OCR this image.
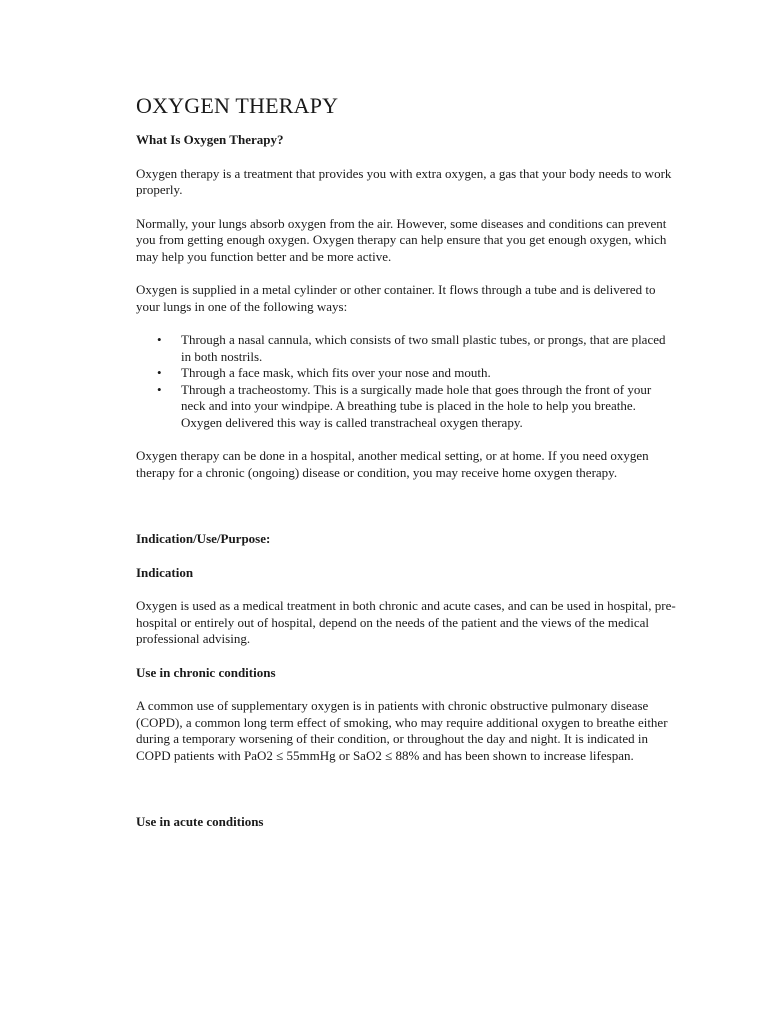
OXYGEN THERAPY

What Is Oxygen Therapy?

Oxygen therapy is a treatment that provides you with extra oxygen, a gas that your body needs to work properly.

Normally, your lungs absorb oxygen from the air. However, some diseases and conditions can prevent you from getting enough oxygen. Oxygen therapy can help ensure that you get enough oxygen, which may help you function better and be more active.

Oxygen is supplied in a metal cylinder or other container. It flows through a tube and is delivered to your lungs in one of the following ways:

• Through a nasal cannula, which consists of two small plastic tubes, or prongs, that are placed in both nostrils.
• Through a face mask, which fits over your nose and mouth.
• Through a tracheostomy. This is a surgically made hole that goes through the front of your neck and into your windpipe. A breathing tube is placed in the hole to help you breathe. Oxygen delivered this way is called transtracheal oxygen therapy.

Oxygen therapy can be done in a hospital, another medical setting, or at home. If you need oxygen therapy for a chronic (ongoing) disease or condition, you may receive home oxygen therapy.

Indication/Use/Purpose:

Indication

Oxygen is used as a medical treatment in both chronic and acute cases, and can be used in hospital, pre-hospital or entirely out of hospital, depend on the needs of the patient and the views of the medical professional advising.

Use in chronic conditions

A common use of supplementary oxygen is in patients with chronic obstructive pulmonary disease (COPD), a common long term effect of smoking, who may require additional oxygen to breathe either during a temporary worsening of their condition, or throughout the day and night. It is indicated in COPD patients with PaO2 ≤ 55mmHg or SaO2 ≤ 88% and has been shown to increase lifespan.

Use in acute conditions
